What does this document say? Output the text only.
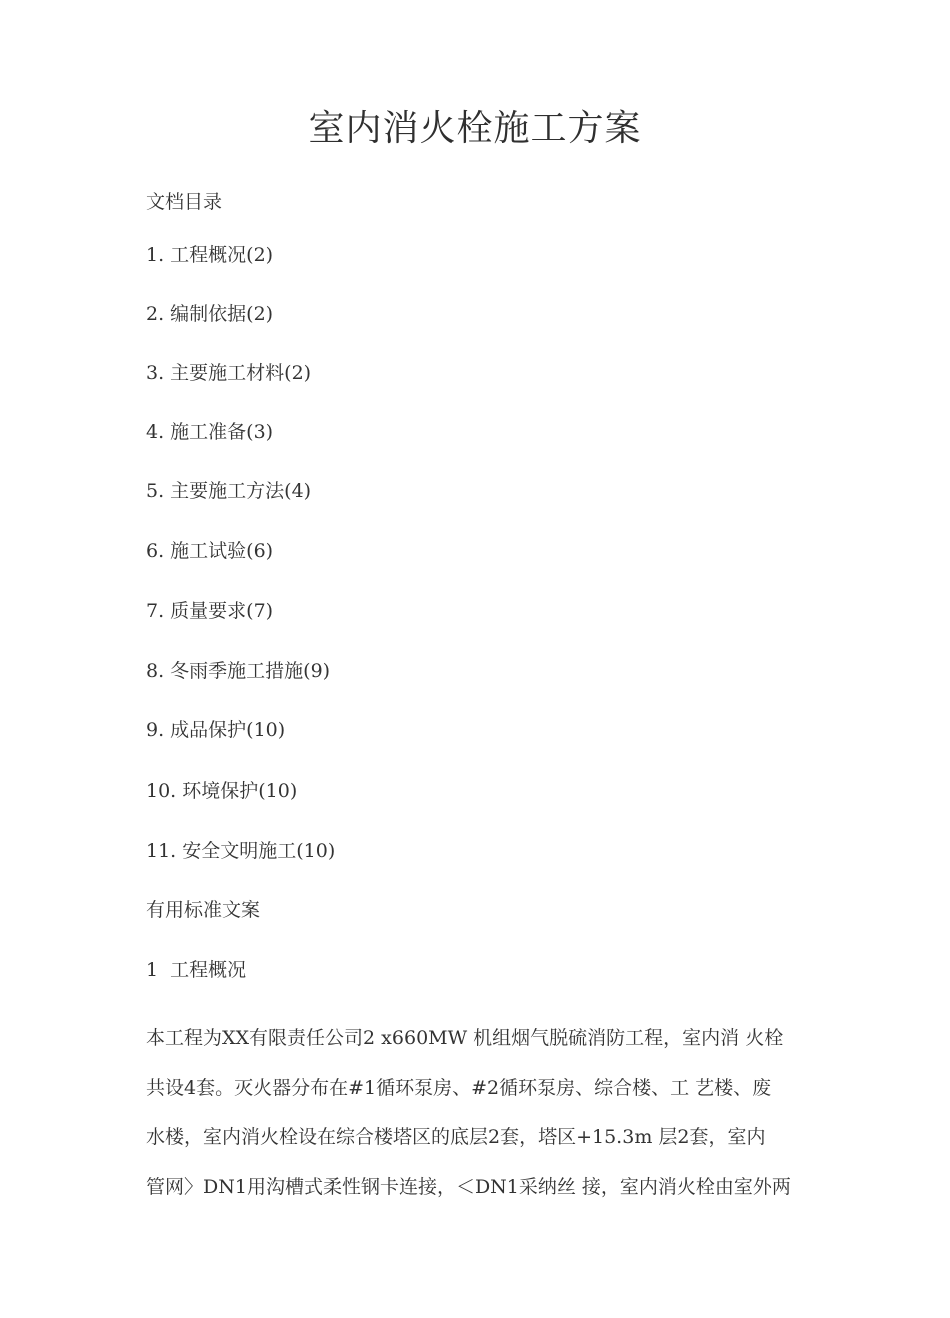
室内消火栓施工方案
文档目录
1. 工程概况(2)
2. 编制依据(2)
3. 主要施工材料(2)
4. 施工准备(3)
5. 主要施工方法(4)
6. 施工试验(6)
7. 质量要求(7)
8. 冬雨季施工措施(9)
9. 成品保护(10)
10. 环境保护(10)
11. 安全文明施工(10)
有用标准文案
1  工程概况
本工程为XX有限责任公司2 x660MW 机组烟气脱硫消防工程，室内消 火栓
共设4套。灭火器分布在#1循环泵房、#2循环泵房、综合楼、工 艺楼、废
水楼，室内消火栓设在综合楼塔区的底层2套，塔区+15.3m 层2套，室内
管网〉DN1用沟槽式柔性钢卡连接，＜DN1采纳丝 接，室内消火栓由室外两
